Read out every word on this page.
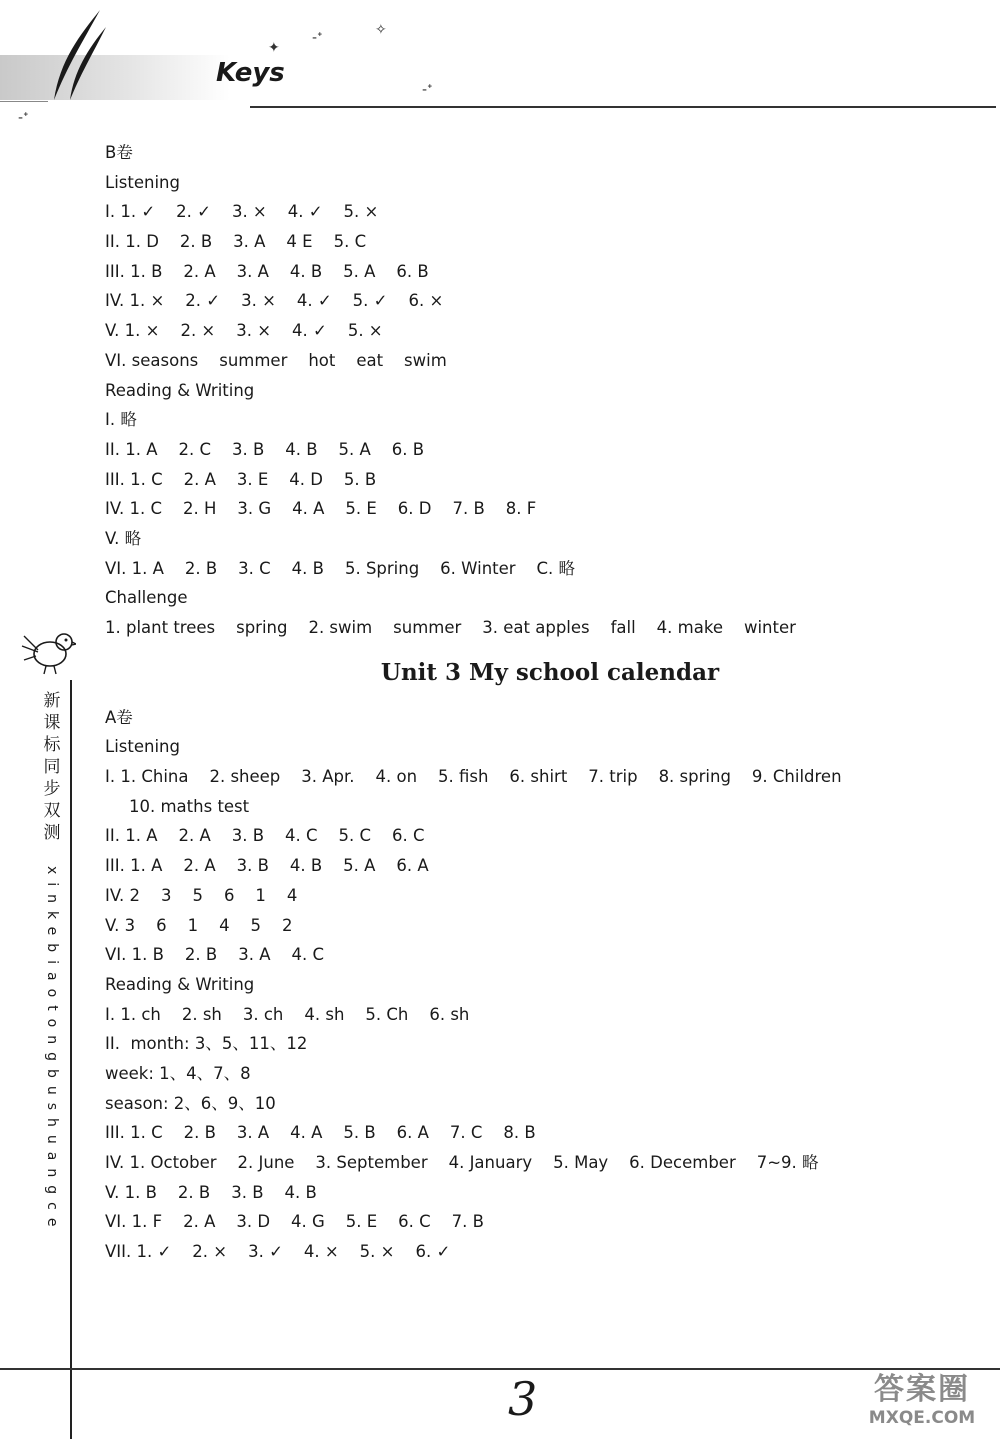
Keys
✦
-ᐩ	✧
-ᐩ
-ᐩ
新
课
标
同
步
双
测
xinkebiaotongbushuangce
B卷
Listening
I. 1. ✓    2. ✓    3. ×    4. ✓    5. ×
II. 1. D    2. B    3. A    4 E    5. C
III. 1. B    2. A    3. A    4. B    5. A    6. B
IV. 1. ×    2. ✓    3. ×    4. ✓    5. ✓    6. ×
V. 1. ×    2. ×    3. ×    4. ✓    5. ×
VI. seasons    summer    hot    eat    swim
Reading & Writing
I. 略
II. 1. A    2. C    3. B    4. B    5. A    6. B
III. 1. C    2. A    3. E    4. D    5. B
IV. 1. C    2. H    3. G    4. A    5. E    6. D    7. B    8. F
V. 略
VI. 1. A    2. B    3. C    4. B    5. Spring    6. Winter    C. 略
Challenge
1. plant trees    spring    2. swim    summer    3. eat apples    fall    4. make    winter
Unit 3 My school calendar
A卷
Listening
I. 1. China    2. sheep    3. Apr.    4. on    5. fish    6. shirt    7. trip    8. spring    9. Children
10. maths test
II. 1. A    2. A    3. B    4. C    5. C    6. C
III. 1. A    2. A    3. B    4. B    5. A    6. A
IV. 2    3    5    6    1    4
V. 3    6    1    4    5    2
VI. 1. B    2. B    3. A    4. C
Reading & Writing
I. 1. ch    2. sh    3. ch    4. sh    5. Ch    6. sh
II.  month: 3、5、11、12
week: 1、4、7、8
season: 2、6、9、10
III. 1. C    2. B    3. A    4. A    5. B    6. A    7. C    8. B
IV. 1. October    2. June    3. September    4. January    5. May    6. December    7~9. 略
V. 1. B    2. B    3. B    4. B
VI. 1. F    2. A    3. D    4. G    5. E    6. C    7. B
VII. 1. ✓    2. ×    3. ✓    4. ×    5. ×    6. ✓
3	答案圈
MXQE.COM
